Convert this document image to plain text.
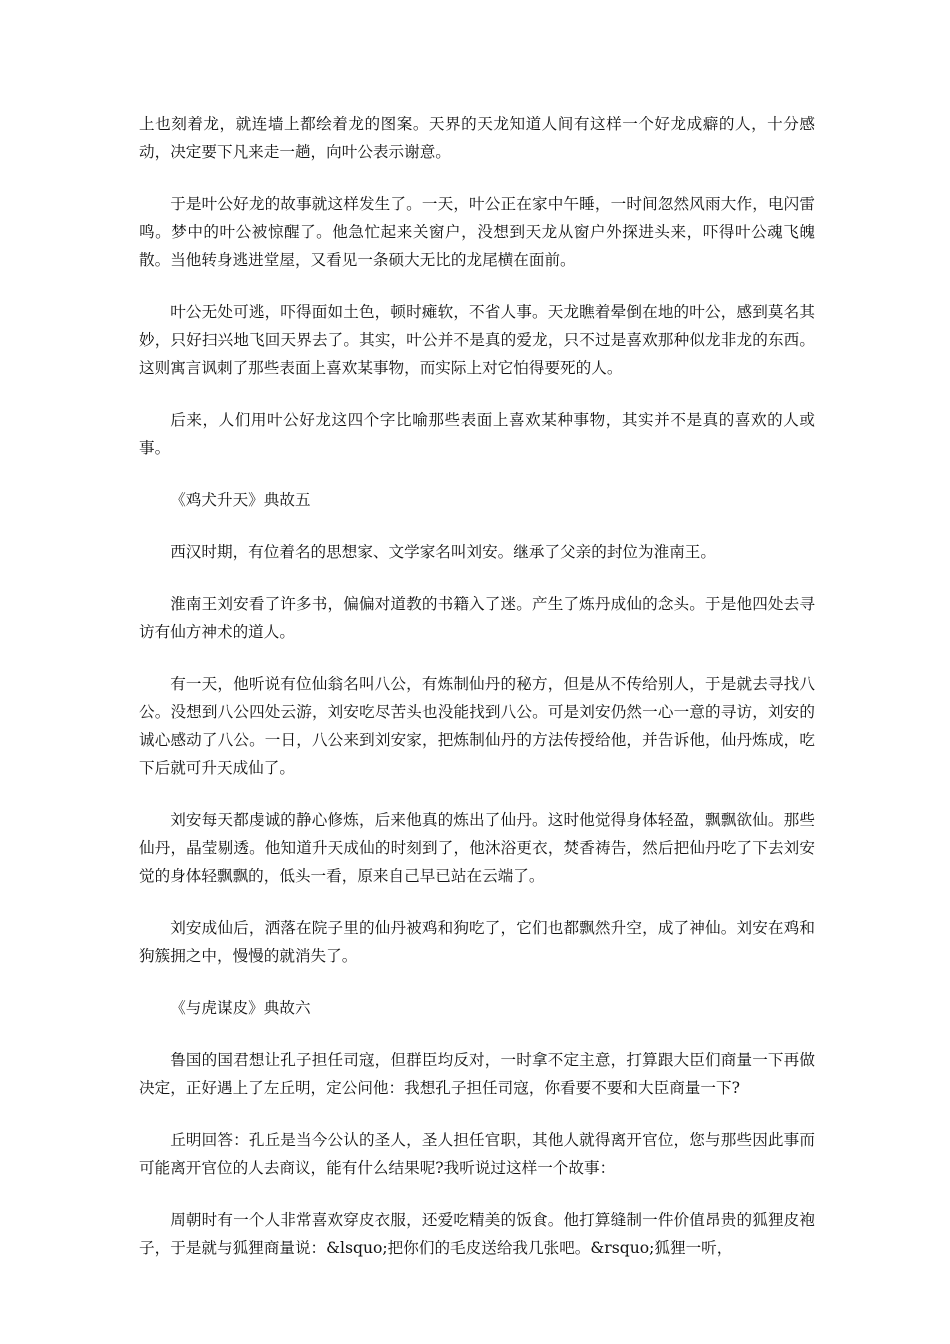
上也刻着龙，就连墙上都绘着龙的图案。天界的天龙知道人间有这样一个好龙成癖的人，十分感动，决定要下凡来走一趟，向叶公表示谢意。

于是叶公好龙的故事就这样发生了。一天，叶公正在家中午睡，一时间忽然风雨大作，电闪雷鸣。梦中的叶公被惊醒了。他急忙起来关窗户，没想到天龙从窗户外探进头来，吓得叶公魂飞魄散。当他转身逃进堂屋，又看见一条硕大无比的龙尾横在面前。

叶公无处可逃，吓得面如土色，顿时瘫软，不省人事。天龙瞧着晕倒在地的叶公，感到莫名其妙，只好扫兴地飞回天界去了。其实，叶公并不是真的爱龙，只不过是喜欢那种似龙非龙的东西。这则寓言讽刺了那些表面上喜欢某事物，而实际上对它怕得要死的人。

后来，人们用叶公好龙这四个字比喻那些表面上喜欢某种事物，其实并不是真的喜欢的人或事。

《鸡犬升天》典故五

西汉时期，有位着名的思想家、文学家名叫刘安。继承了父亲的封位为淮南王。

淮南王刘安看了许多书，偏偏对道教的书籍入了迷。产生了炼丹成仙的念头。于是他四处去寻访有仙方神术的道人。

有一天，他听说有位仙翁名叫八公，有炼制仙丹的秘方，但是从不传给别人，于是就去寻找八公。没想到八公四处云游，刘安吃尽苦头也没能找到八公。可是刘安仍然一心一意的寻访，刘安的诚心感动了八公。一日，八公来到刘安家，把炼制仙丹的方法传授给他，并告诉他，仙丹炼成，吃下后就可升天成仙了。

刘安每天都虔诚的静心修炼，后来他真的炼出了仙丹。这时他觉得身体轻盈，飘飘欲仙。那些仙丹，晶莹剔透。他知道升天成仙的时刻到了，他沐浴更衣，焚香祷告，然后把仙丹吃了下去刘安觉的身体轻飘飘的，低头一看，原来自己早已站在云端了。

刘安成仙后，洒落在院子里的仙丹被鸡和狗吃了，它们也都飘然升空，成了神仙。刘安在鸡和狗簇拥之中，慢慢的就消失了。

《与虎谋皮》典故六

鲁国的国君想让孔子担任司寇，但群臣均反对，一时拿不定主意，打算跟大臣们商量一下再做决定，正好遇上了左丘明，定公问他：我想孔子担任司寇，你看要不要和大臣商量一下?

丘明回答：孔丘是当今公认的圣人，圣人担任官职，其他人就得离开官位，您与那些因此事而可能离开官位的人去商议，能有什么结果呢?我听说过这样一个故事：

周朝时有一个人非常喜欢穿皮衣服，还爱吃精美的饭食。他打算缝制一件价值昂贵的狐狸皮袍子，于是就与狐狸商量说：&lsquo;把你们的毛皮送给我几张吧。&rsquo;狐狸一听，
